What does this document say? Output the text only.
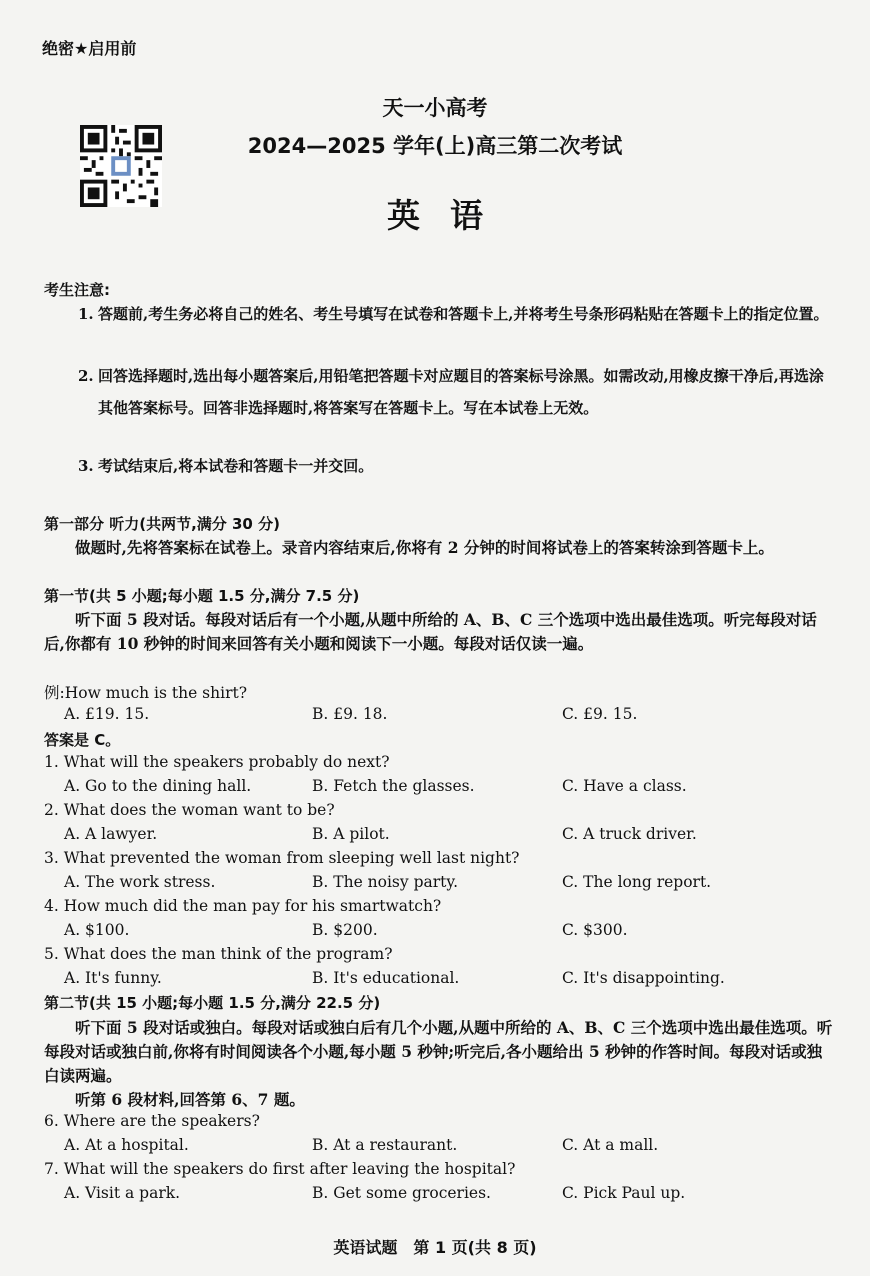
绝密★启用前
天一小高考
2024—2025 学年(上)高三第二次考试
英语
考生注意:
1. 答题前,考生务必将自己的姓名、考生号填写在试卷和答题卡上,并将考生号条形码粘贴在答题卡上的指定位置。
2. 回答选择题时,选出每小题答案后,用铅笔把答题卡对应题目的答案标号涂黑。如需改动,用橡皮擦干净后,再选涂其他答案标号。回答非选择题时,将答案写在答题卡上。写在本试卷上无效。
3. 考试结束后,将本试卷和答题卡一并交回。
第一部分 听力(共两节,满分 30 分)
做题时,先将答案标在试卷上。录音内容结束后,你将有 2 分钟的时间将试卷上的答案转涂到答题卡上。
第一节(共 5 小题;每小题 1.5 分,满分 7.5 分)
听下面 5 段对话。每段对话后有一个小题,从题中所给的 A、B、C 三个选项中选出最佳选项。听完每段对话后,你都有 10 秒钟的时间来回答有关小题和阅读下一小题。每段对话仅读一遍。
例:How much is the shirt?
A. £19. 15.	B. £9. 18.	C. £9. 15.
答案是 C。
1. What will the speakers probably do next?
A. Go to the dining hall.	B. Fetch the glasses.	C. Have a class.
2. What does the woman want to be?
A. A lawyer.	B. A pilot.	C. A truck driver.
3. What prevented the woman from sleeping well last night?
A. The work stress.	B. The noisy party.	C. The long report.
4. How much did the man pay for his smartwatch?
A. $100.	B. $200.	C. $300.
5. What does the man think of the program?
A. It's funny.	B. It's educational.	C. It's disappointing.
第二节(共 15 小题;每小题 1.5 分,满分 22.5 分)
听下面 5 段对话或独白。每段对话或独白后有几个小题,从题中所给的 A、B、C 三个选项中选出最佳选项。听每段对话或独白前,你将有时间阅读各个小题,每小题 5 秒钟;听完后,各小题给出 5 秒钟的作答时间。每段对话或独白读两遍。
听第 6 段材料,回答第 6、7 题。
6. Where are the speakers?
A. At a hospital.	B. At a restaurant.	C. At a mall.
7. What will the speakers do first after leaving the hospital?
A. Visit a park.	B. Get some groceries.	C. Pick Paul up.
英语试题　第 1 页(共 8 页)
